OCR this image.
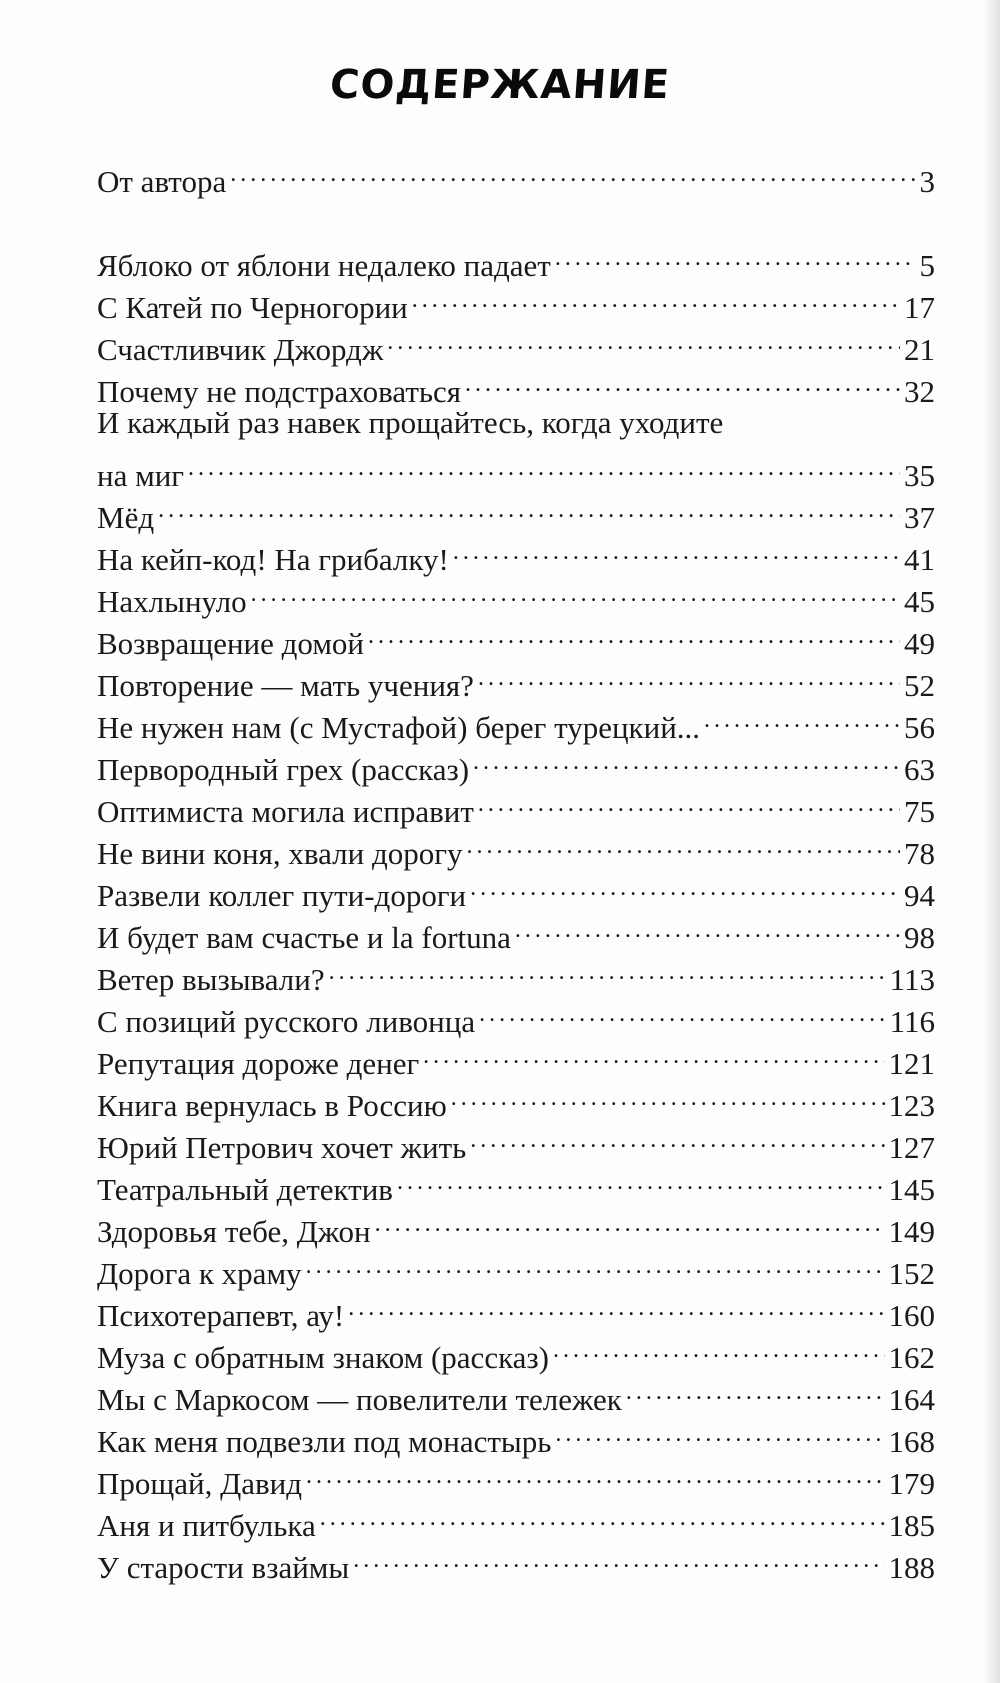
СОДЕРЖАНИЕ
От автора . . .	3
Яблоко от яблони недалеко падает . . .	5
С Катей по Черногории . . .	17
Счастливчик Джордж . . .	21
Почему не подстраховаться . . .	32
И каждый раз навек прощайтесь, когда уходите
на миг . . .	35
Мёд . . .	37
На кейп-код! На грибалку! . . .	41
Нахлынуло . . .	45
Возвращение домой . . .	49
Повторение — мать учения? . . .	52
Не нужен нам (с Мустафой) берег турецкий... . . .	56
Первородный грех (рассказ) . . .	63
Оптимиста могила исправит . . .	75
Не вини коня, хвали дорогу . . .	78
Развели коллег пути-дороги . . .	94
И будет вам счастье и la fortuna . . .	98
Ветер вызывали? . . .	113
С позиций русского ливонца . . .	116
Репутация дороже денег . . .	121
Книга вернулась в Россию . . .	123
Юрий Петрович хочет жить . . .	127
Театральный детектив . . .	145
Здоровья тебе, Джон . . .	149
Дорога к храму . . .	152
Психотерапевт, ау! . . .	160
Муза с обратным знаком (рассказ) . . .	162
Мы с Маркосом — повелители тележек . . .	164
Как меня подвезли под монастырь . . .	168
Прощай, Давид . . .	179
Аня и питбулька . . .	185
У старости взаймы . . .	188
